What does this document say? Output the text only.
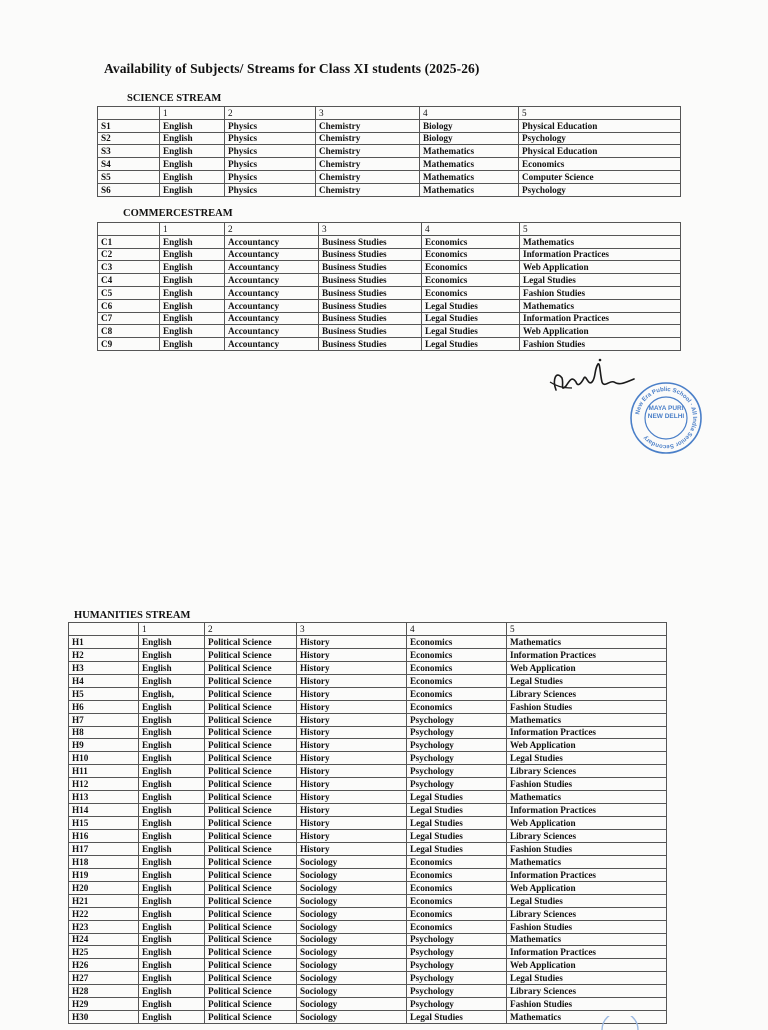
Availability of Subjects/ Streams for Class XI students (2025-26)
SCIENCE STREAM
	1	2	3	4	5
S1	English	Physics	Chemistry	Biology	Physical Education
S2	English	Physics	Chemistry	Biology	Psychology
S3	English	Physics	Chemistry	Mathematics	Physical Education
S4	English	Physics	Chemistry	Mathematics	Economics
S5	English	Physics	Chemistry	Mathematics	Computer Science
S6	English	Physics	Chemistry	Mathematics	Psychology
COMMERCESTREAM
	1	2	3	4	5
C1	English	Accountancy	Business Studies	Economics	Mathematics
C2	English	Accountancy	Business Studies	Economics	Information Practices
C3	English	Accountancy	Business Studies	Economics	Web Application
C4	English	Accountancy	Business Studies	Economics	Legal Studies
C5	English	Accountancy	Business Studies	Economics	Fashion Studies
C6	English	Accountancy	Business Studies	Legal Studies	Mathematics
C7	English	Accountancy	Business Studies	Legal Studies	Information Practices
C8	English	Accountancy	Business Studies	Legal Studies	Web Application
C9	English	Accountancy	Business Studies	Legal Studies	Fashion Studies
New Era Public School · All India Senior Secondary
MAYA PURI
NEW DELHI
HUMANITIES STREAM
	1	2	3	4	5
H1	English	Political Science	History	Economics	Mathematics
H2	English	Political Science	History	Economics	Information Practices
H3	English	Political Science	History	Economics	Web Application
H4	English	Political Science	History	Economics	Legal Studies
H5	English,	Political Science	History	Economics	Library Sciences
H6	English	Political Science	History	Economics	Fashion Studies
H7	English	Political Science	History	Psychology	Mathematics
H8	English	Political Science	History	Psychology	Information Practices
H9	English	Political Science	History	Psychology	Web Application
H10	English	Political Science	History	Psychology	Legal Studies
H11	English	Political Science	History	Psychology	Library Sciences
H12	English	Political Science	History	Psychology	Fashion Studies
H13	English	Political Science	History	Legal Studies	Mathematics
H14	English	Political Science	History	Legal Studies	Information Practices
H15	English	Political Science	History	Legal Studies	Web Application
H16	English	Political Science	History	Legal Studies	Library Sciences
H17	English	Political Science	History	Legal Studies	Fashion Studies
H18	English	Political Science	Sociology	Economics	Mathematics
H19	English	Political Science	Sociology	Economics	Information Practices
H20	English	Political Science	Sociology	Economics	Web Application
H21	English	Political Science	Sociology	Economics	Legal Studies
H22	English	Political Science	Sociology	Economics	Library Sciences
H23	English	Political Science	Sociology	Economics	Fashion Studies
H24	English	Political Science	Sociology	Psychology	Mathematics
H25	English	Political Science	Sociology	Psychology	Information Practices
H26	English	Political Science	Sociology	Psychology	Web Application
H27	English	Political Science	Sociology	Psychology	Legal Studies
H28	English	Political Science	Sociology	Psychology	Library Sciences
H29	English	Political Science	Sociology	Psychology	Fashion Studies
H30	English	Political Science	Sociology	Legal Studies	Mathematics
